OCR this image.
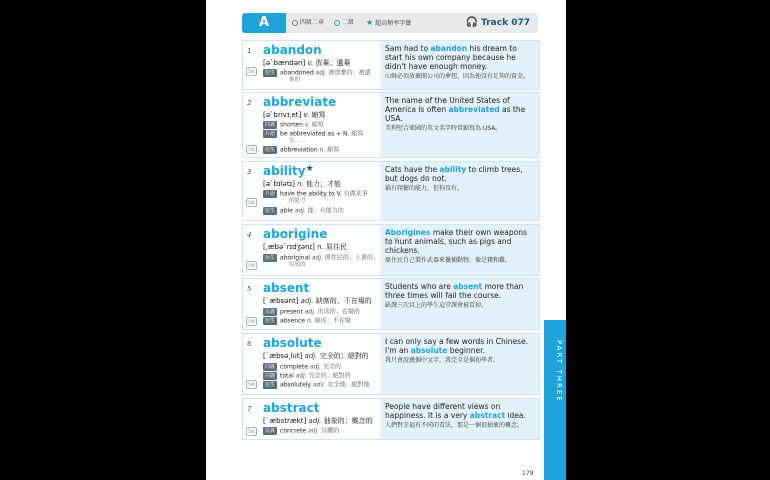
A	四級二章	二級 ★ 超高頻率字彙	🎧 Track 077
1
5/6
abandon
[əˋbændən] v. 放棄；遺棄
衍生 abandoned adj. 被放棄的；被遺
棄的

Sam had to abandon his dream to start his own company because he didn't have enough money.

山姆必須放棄開公司的夢想，因為他沒有足夠的資金。
2
5/6
abbreviate
[əˋbrivɪ͵et] v. 縮寫
同義 shorten v. 縮短
片語 be abbreviated as + N. 縮寫
為……
衍生 abbreviation n. 縮寫

The name of the United States of America is often abbreviated as the USA.

美利堅合眾國的英文名字時常縮寫為 USA。
3
5/6
ability★
[əˋbɪlətɪ] n. 能力；才能
片語 have the ability to V. 有做某事
的能力
衍生 able adj. 能；有能力的

Cats have the ability to climb trees, but dogs do not.

貓有爬樹的能力，但狗沒有。
4
5/6
aborigine
[͵æbəˋrɪdʒənɪ] n. 原住民
衍生 aboriginal adj. 原住民的；土著的；
原始的

Aborigines make their own weapons to hunt animals, such as pigs and chickens.

原住民自己製作武器來獵捕動物，像是豬和雞。
5
5/6
absent
[ˋæbsənt] adj. 缺席的、不在場的
反義 present adj. 出席的；在場的
衍生 absence n. 缺席；不在場

Students who are absent more than three times will fail the course.

缺課三次以上的學生這堂課會被當掉。
6
5/6
absolute
[ˋæbsə͵lut] adj. 完全的；絕對的
同義 complete adj. 完全的
同義 total adj. 完全的；絕對的
衍生 absolutely adv. 完全地；絕對地

I can only say a few words in Chinese. I'm an absolute beginner.

我只會說幾個中文字，我完全是個初學者。
7
5/6
abstract
[ˋæbstrækt] adj. 抽象的；概念的
反義 concrete adj. 具體的

People have different views on happiness. It is a very abstract idea.

人們對幸福有不同的看法，那是一個很抽象的概念。
PART THREE
179
